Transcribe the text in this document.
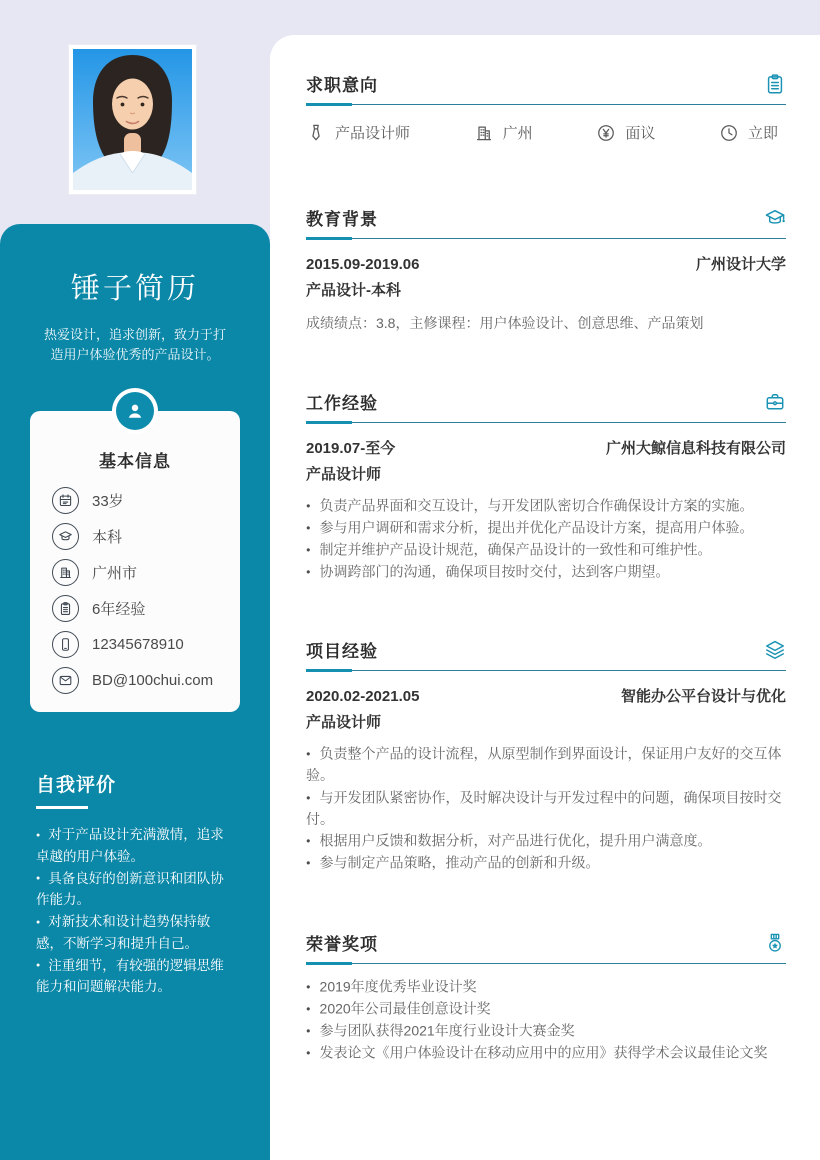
锤子简历
热爱设计，追求创新，致力于打造用户体验优秀的产品设计。
基本信息
33岁
本科
广州市
6年经验
12345678910
BD@100chui.com
自我评价
● 对于产品设计充满激情，追求卓越的用户体验。
● 具备良好的创新意识和团队协作能力。
● 对新技术和设计趋势保持敏感，不断学习和提升自己。
● 注重细节，有较强的逻辑思维能力和问题解决能力。
求职意向
产品设计师	广州	面议	立即
教育背景
2015.09-2019.06	广州设计大学
产品设计-本科
成绩绩点：3.8，主修课程：用户体验设计、创意思维、产品策划
工作经验
2019.07-至今	广州大鲸信息科技有限公司
产品设计师
● 负责产品界面和交互设计，与开发团队密切合作确保设计方案的实施。
● 参与用户调研和需求分析，提出并优化产品设计方案，提高用户体验。
● 制定并维护产品设计规范，确保产品设计的一致性和可维护性。
● 协调跨部门的沟通，确保项目按时交付，达到客户期望。
项目经验
2020.02-2021.05	智能办公平台设计与优化
产品设计师
● 负责整个产品的设计流程，从原型制作到界面设计，保证用户友好的交互体验。
● 与开发团队紧密协作，及时解决设计与开发过程中的问题，确保项目按时交付。
● 根据用户反馈和数据分析，对产品进行优化，提升用户满意度。
● 参与制定产品策略，推动产品的创新和升级。
荣誉奖项
● 2019年度优秀毕业设计奖
● 2020年公司最佳创意设计奖
● 参与团队获得2021年度行业设计大赛金奖
● 发表论文《用户体验设计在移动应用中的应用》获得学术会议最佳论文奖
